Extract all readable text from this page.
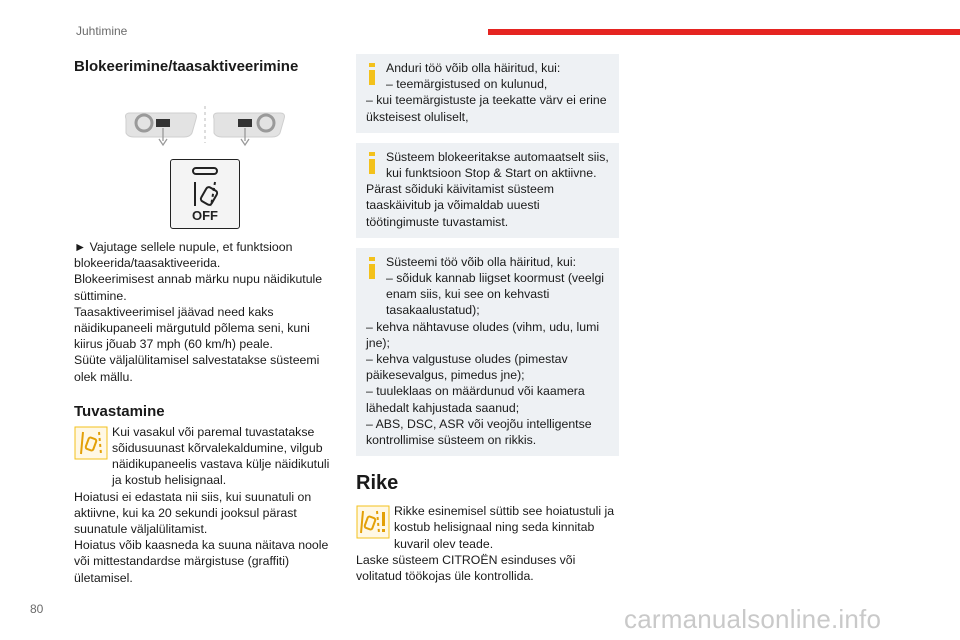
Juhtimine
Blokeerimine/taasaktiveerimine
OFF

► Vajutage sellele nupule, et funktsioon blokeerida/taasaktiveerida.

Blokeerimisest annab märku nupu näidikutule süttimine.

Taasaktiveerimisel jäävad need kaks näidikupaneeli märgutuld põlema seni, kuni kiirus jõuab 37 mph (60 km/h) peale.

Süüte väljalülitamisel salvestatakse süsteemi olek mällu.

Tuvastamine

Kui vasakul või paremal tuvastatakse sõidusuunast kõrvalekaldumine, vilgub näidikupaneelis vastava külje näidikutuli ja kostub helisignaal.

Hoiatusi ei edastata nii siis, kui suunatuli on aktiivne, kui ka 20 sekundi jooksul pärast suunatule väljalülitamist.

Hoiatus võib kaasneda ka suuna näitava noole või mittestandardse märgistuse (graffiti) ületamisel.

Anduri töö võib olla häiritud, kui:

– teemärgistused on kulunud,

– kui teemärgistuste ja teekatte värv ei erine üksteisest oluliselt,

Süsteem blokeeritakse automaatselt siis, kui funktsioon Stop & Start on aktiivne.

Pärast sõiduki käivitamist süsteem taaskäivitub ja võimaldab uuesti töötingimuste tuvastamist.

Süsteemi töö võib olla häiritud, kui:

– sõiduk kannab liigset koormust (veelgi enam siis, kui see on kehvasti tasakaalustatud);

– kehva nähtavuse oludes (vihm, udu, lumi jne);

– kehva valgustuse oludes (pimestav päikesevalgus, pimedus jne);

– tuuleklaas on määrdunud või kaamera lähedalt kahjustada saanud;

– ABS, DSC, ASR või veojõu intelligentse kontrollimise süsteem on rikkis.

Rike

Rikke esinemisel süttib see hoiatustuli ja kostub helisignaal ning seda kinnitab kuvaril olev teade.

Laske süsteem CITROËN esinduses või volitatud töökojas üle kontrollida.

80	carmanualsonline.info
